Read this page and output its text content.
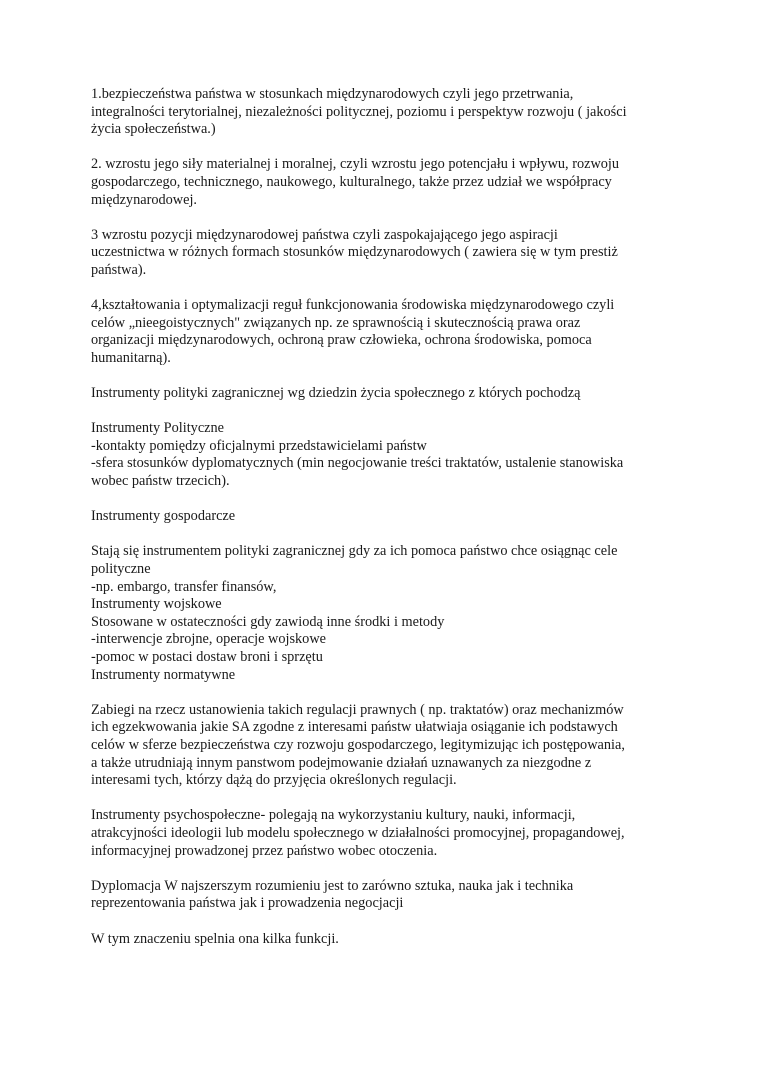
1.bezpieczeństwa państwa w stosunkach międzynarodowych czyli jego przetrwania,
integralności terytorialnej, niezależności politycznej, poziomu i perspektyw rozwoju ( jakości
życia społeczeństwa.)

2. wzrostu jego siły materialnej i moralnej, czyli wzrostu jego potencjału i wpływu, rozwoju
gospodarczego, technicznego, naukowego, kulturalnego, także przez udział we współpracy
międzynarodowej.

3 wzrostu pozycji międzynarodowej państwa czyli zaspokajającego jego aspiracji
uczestnictwa w różnych formach stosunków międzynarodowych ( zawiera się w tym prestiż
państwa).

4,kształtowania i optymalizacji reguł funkcjonowania środowiska międzynarodowego czyli
celów „nieegoistycznych" związanych np. ze sprawnością i skutecznością prawa oraz
organizacji międzynarodowych, ochroną praw człowieka, ochrona środowiska, pomoca
humanitarną).

Instrumenty polityki zagranicznej wg dziedzin życia społecznego z których pochodzą

Instrumenty Polityczne
-kontakty pomiędzy oficjalnymi przedstawicielami państw
-sfera stosunków dyplomatycznych (min negocjowanie treści traktatów, ustalenie stanowiska
wobec państw trzecich).

Instrumenty gospodarcze

Stają się instrumentem polityki zagranicznej gdy za ich pomoca państwo chce osiągnąc cele
polityczne
-np. embargo, transfer finansów,
Instrumenty wojskowe
Stosowane w ostateczności gdy zawiodą inne środki i metody
-interwencje zbrojne, operacje wojskowe
-pomoc w postaci dostaw broni i sprzętu
Instrumenty normatywne

Zabiegi na rzecz ustanowienia takich regulacji prawnych ( np. traktatów) oraz mechanizmów
ich egzekwowania jakie SA zgodne z interesami państw ułatwiaja osiąganie ich podstawych
celów w sferze bezpieczeństwa czy rozwoju gospodarczego, legitymizując ich postępowania,
a także utrudniają innym panstwom podejmowanie działań uznawanych za niezgodne z
interesami tych, którzy dążą do przyjęcia określonych regulacji.

Instrumenty psychospołeczne- polegają na wykorzystaniu kultury, nauki, informacji,
atrakcyjności ideologii lub modelu społecznego w działalności promocyjnej, propagandowej,
informacyjnej prowadzonej przez państwo wobec otoczenia.

Dyplomacja W najszerszym rozumieniu jest to zarówno sztuka, nauka jak i technika
reprezentowania państwa jak i prowadzenia negocjacji

W tym znaczeniu spelnia ona kilka funkcji.
